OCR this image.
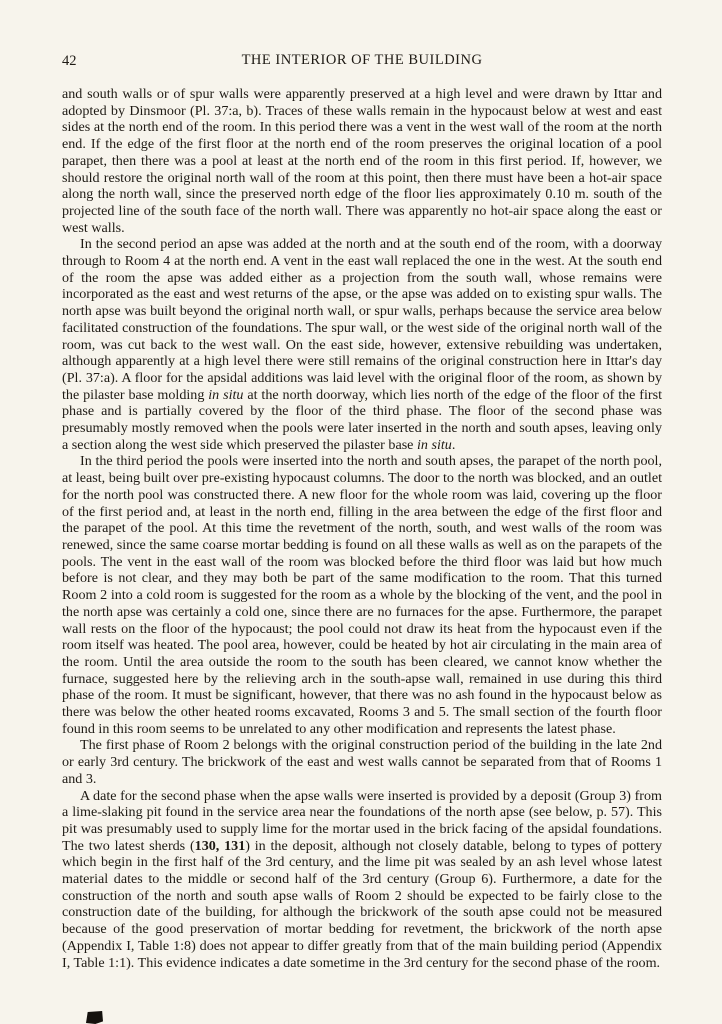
42	THE INTERIOR OF THE BUILDING

and south walls or of spur walls were apparently preserved at a high level and were drawn by Ittar and adopted by Dinsmoor (Pl. 37:a, b). Traces of these walls remain in the hypocaust below at west and east sides at the north end of the room. In this period there was a vent in the west wall of the room at the north end. If the edge of the first floor at the north end of the room preserves the original location of a pool parapet, then there was a pool at least at the north end of the room in this first period. If, however, we should restore the original north wall of the room at this point, then there must have been a hot-air space along the north wall, since the preserved north edge of the floor lies approximately 0.10 m. south of the projected line of the south face of the north wall. There was apparently no hot-air space along the east or west walls.

In the second period an apse was added at the north and at the south end of the room, with a doorway through to Room 4 at the north end. A vent in the east wall replaced the one in the west. At the south end of the room the apse was added either as a projection from the south wall, whose remains were incorporated as the east and west returns of the apse, or the apse was added on to existing spur walls. The north apse was built beyond the original north wall, or spur walls, perhaps because the service area below facilitated construction of the foundations. The spur wall, or the west side of the original north wall of the room, was cut back to the west wall. On the east side, however, extensive rebuilding was undertaken, although apparently at a high level there were still remains of the original construction here in Ittar's day (Pl. 37:a). A floor for the apsidal additions was laid level with the original floor of the room, as shown by the pilaster base molding in situ at the north doorway, which lies north of the edge of the floor of the first phase and is partially covered by the floor of the third phase. The floor of the second phase was presumably mostly removed when the pools were later inserted in the north and south apses, leaving only a section along the west side which preserved the pilaster base in situ.

In the third period the pools were inserted into the north and south apses, the parapet of the north pool, at least, being built over pre-existing hypocaust columns. The door to the north was blocked, and an outlet for the north pool was constructed there. A new floor for the whole room was laid, covering up the floor of the first period and, at least in the north end, filling in the area between the edge of the first floor and the parapet of the pool. At this time the revetment of the north, south, and west walls of the room was renewed, since the same coarse mortar bedding is found on all these walls as well as on the parapets of the pools. The vent in the east wall of the room was blocked before the third floor was laid but how much before is not clear, and they may both be part of the same modification to the room. That this turned Room 2 into a cold room is suggested for the room as a whole by the blocking of the vent, and the pool in the north apse was certainly a cold one, since there are no furnaces for the apse. Furthermore, the parapet wall rests on the floor of the hypocaust; the pool could not draw its heat from the hypocaust even if the room itself was heated. The pool area, however, could be heated by hot air circulating in the main area of the room. Until the area outside the room to the south has been cleared, we cannot know whether the furnace, suggested here by the relieving arch in the south-apse wall, remained in use during this third phase of the room. It must be significant, however, that there was no ash found in the hypocaust below as there was below the other heated rooms excavated, Rooms 3 and 5. The small section of the fourth floor found in this room seems to be unrelated to any other modification and represents the latest phase.

The first phase of Room 2 belongs with the original construction period of the building in the late 2nd or early 3rd century. The brickwork of the east and west walls cannot be separated from that of Rooms 1 and 3.

A date for the second phase when the apse walls were inserted is provided by a deposit (Group 3) from a lime-slaking pit found in the service area near the foundations of the north apse (see below, p. 57). This pit was presumably used to supply lime for the mortar used in the brick facing of the apsidal foundations. The two latest sherds (130, 131) in the deposit, although not closely datable, belong to types of pottery which begin in the first half of the 3rd century, and the lime pit was sealed by an ash level whose latest material dates to the middle or second half of the 3rd century (Group 6). Furthermore, a date for the construction of the north and south apse walls of Room 2 should be expected to be fairly close to the construction date of the building, for although the brickwork of the south apse could not be measured because of the good preservation of mortar bedding for revetment, the brickwork of the north apse (Appendix I, Table 1:8) does not appear to differ greatly from that of the main building period (Appendix I, Table 1:1). This evidence indicates a date sometime in the 3rd century for the second phase of the room.
